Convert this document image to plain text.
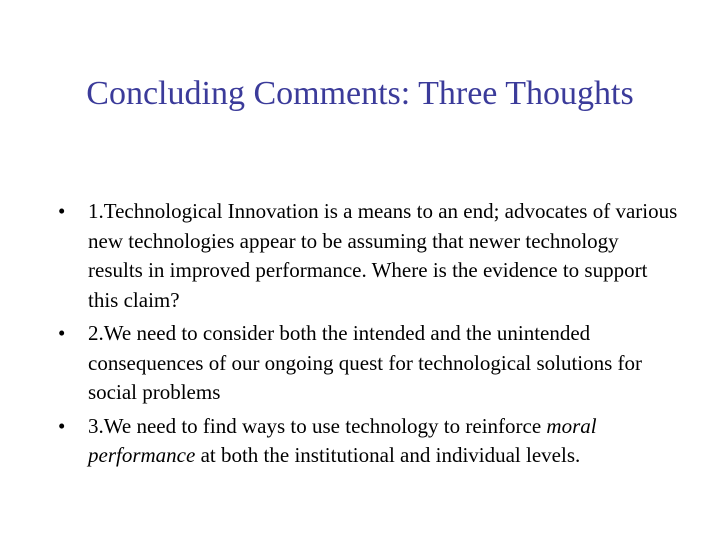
Concluding Comments: Three Thoughts
•	1.Technological Innovation is a means to an end; advocates of various new technologies appear to be assuming that newer technology results in improved performance. Where is the evidence to support this claim?
•	2.We need to consider both the intended and the unintended consequences of our ongoing quest for technological solutions for social problems
•	3.We need to find ways to use technology to reinforce moral performance at both the institutional and individual levels.
